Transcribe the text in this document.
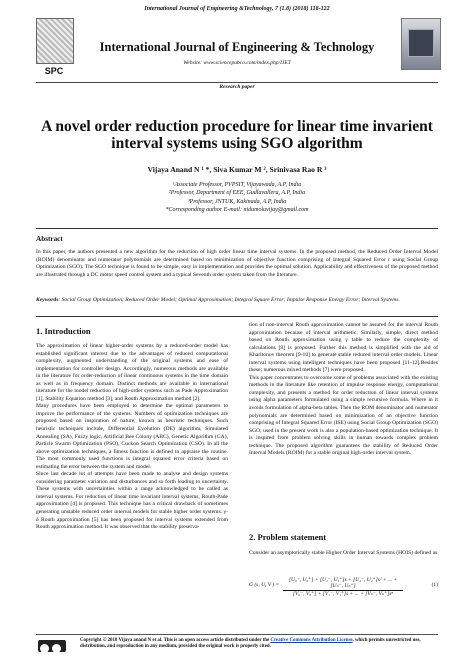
International Journal of Engineering &Technology, 7 (1.8) (2018) 118-122
SPC
International Journal of Engineering & Technology
Website: www.sciencepubco.com/index.php/IJET
Research paper
A novel order reduction procedure for linear time invarient interval systems using SGO algorithm
Vijaya Anand N ¹ *, Siva Kumar M ², Srinivasa Rao R ³
¹Associate Professor, PVPSIT, Vijayawada, A.P, India
²Professor, Department of EEE, Gudlavalleru, A.P, India
³Professor, JNTUK, Kakinada, A.P, India
*Corresponding author E-mail: nidumoluvijay@gmail.com
Abstract
In this paper, the authors presented a new algorithm for the reduction of high order linear time interval systems. In the proposed method, the Reduced Order Interval Model (ROIM) denominator and numerator polynomials are determined based on minimization of objective function comprising of Integral Squared Error r using Social Group Optimization (SGO). The SGO technique is found to be simple, easy in implementation and provides the optimal solution. Applicability and effectiveness of the proposed method are illustrated through a DC motor speed control system and a typical Seventh order system taken from the literature.
Keywords: Social Group Optimization; Reduced Order Model; Optimal Approximation; Integral Square Error; Impulse Response Energy Error; Interval Systems.
1. Introduction

The approximation of linear higher-order systems by a reduced-order model has established significant interest due to the advantages of reduced computational complexity, augmented understanding of the original systems and ease of implementation for controller design. Accordingly, numerous methods are available in the literature for order-reduction of linear continuous systems in the time domain as well as in frequency domain. Distinct methods are available in international literature for the model reduction of high-order systems such as Pade Approximation [1], Stability Equation method [3], and Routh Approximation method [2].

Many procedures have been employed to determine the optimal parameters to improve the performance of the systems. Numbers of optimization techniques are proposed based on inspiration of nature, known as heuristic techniques. Such heuristic techniques include, Differential Evolution (DE) algorithm, Simulated Annealing (SA), Fuzzy logic, Artificial Bee Colony (ABC), Genetic Algorithm (GA), Particle Swarm Optimization (PSO), Cuckoo Search Optimization (CSO). In all the above optimization techniques, a fitness function is defined to appraise the routine. The most commonly used functions is integral squared error criteria based on estimating the error between the system and model.

Since last decade lot of attempts have been made to analyse and design systems considering parameter variation and disturbances and so forth leading to uncertainty. These systems with uncertainties within a range acknowledged to be called as interval systems. For reduction of linear time invariant interval systems, Routh-Pade approximation [4] is proposed. This technique has a critical drawback of sometimes generating unstable reduced order interval models for stable higher order systems. γ-δ Routh approximation [5] has been proposed for interval systems extended from Routh approximation method. It was observed that the stability preserva-

tion of non-interval Routh approximation cannot be assured for the interval Routh approximation because of interval arithmetic. Similarly, simple, direct method based on Routh approximation using γ table to reduce the complexity of calculations [8] is proposed. Further this method is simplified with the aid of Kharitonov theorem [9-10] to generate stable reduced interval order models. Linear interval systems using intelligent techniques have been proposed [11-12].Besides these; numerous mixed methods [7] were proposed.

This paper concentrates to overcome some of problems associated with the existing methods in the literature like retention of impulse response energy, computational complexity, and presents a method for order reduction of linear interval systems using alpha parameters formulated using a simple recursive formula. Where in it avoids formulation of alpha-beta tables. Then the ROM denominator and numerator polynomials are determined based on minimization of an objective function comprising of Integral Squared Error (ISE) using Social Group Optimization (SGO) SGO, used in the present work is also a population-based optimization technique. It is inspired from problem solving skills in human towards complex problem technique. The proposed algorithm guarantees the stability of Reduced Order Interval Models (ROIM) for a stable original high-order interval system.

2. Problem statement
Consider an asymptotically stable Higher Order Interval Systems (HOIS) defined as
G (s, U, V ) = $\frac{\text{[U₀⁻, U₀⁺] + [U₁⁻, U₁⁺]s + [U₂⁻, U₂⁺]s² + ... + [Uₙ⁻, Uₙ⁺]}}{\text{[V₀⁻, V₀⁺] + [V₁⁻, V₁⁺]s + ... + [Vₙ⁻, Vₙ⁺]sⁿ}}$	(1)
Copyright © 2018 Vijaya anand N et al. This is an open access article distributed under the Creative Commons Attribution License, which permits unrestricted use, distribution, and reproduction in any medium, provided the original work is properly cited.
